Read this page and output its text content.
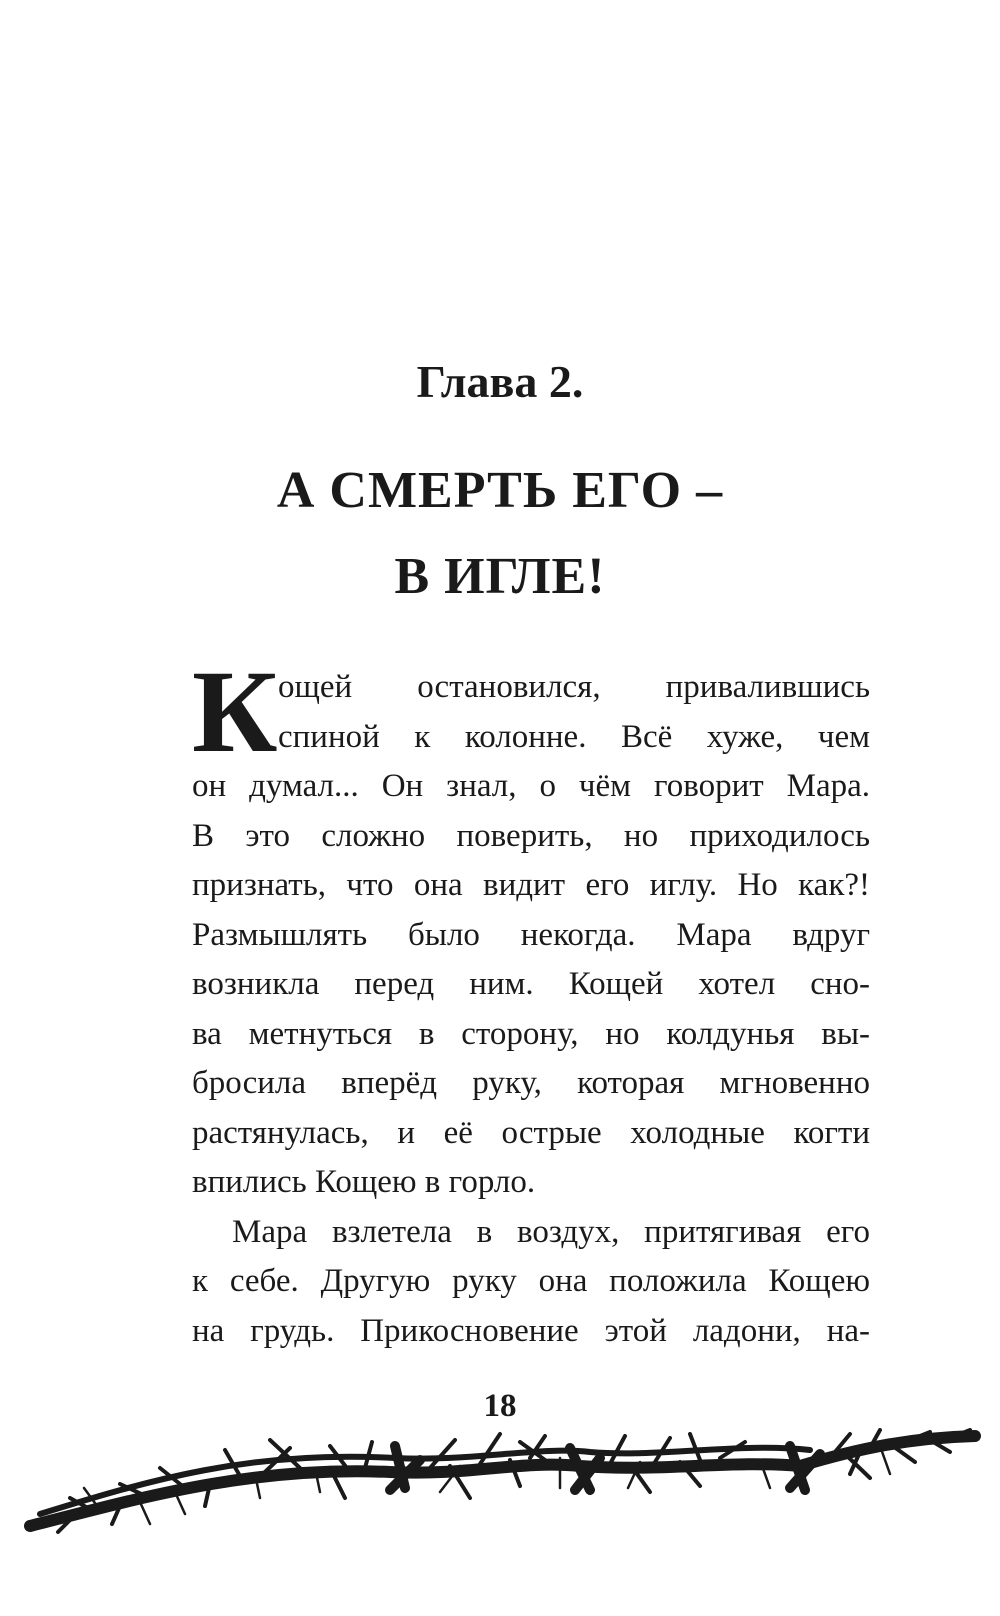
Глава 2.
А СМЕРТЬ ЕГО –
В ИГЛЕ!
К ощей остановился, привалившись
спиной к колонне. Всё хуже, чем
он думал... Он знал, о чём говорит Мара.
В это сложно поверить, но приходилось
признать, что она видит его иглу. Но как?!
Размышлять было некогда. Мара вдруг
возникла перед ним. Кощей хотел сно-
ва метнуться в сторону, но колдунья вы-
бросила вперёд руку, которая мгновенно
растянулась, и её острые холодные когти
впились Кощею в горло.
Мара взлетела в воздух, притягивая его
к себе. Другую руку она положила Кощею
на грудь. Прикосновение этой ладони, на-
18
